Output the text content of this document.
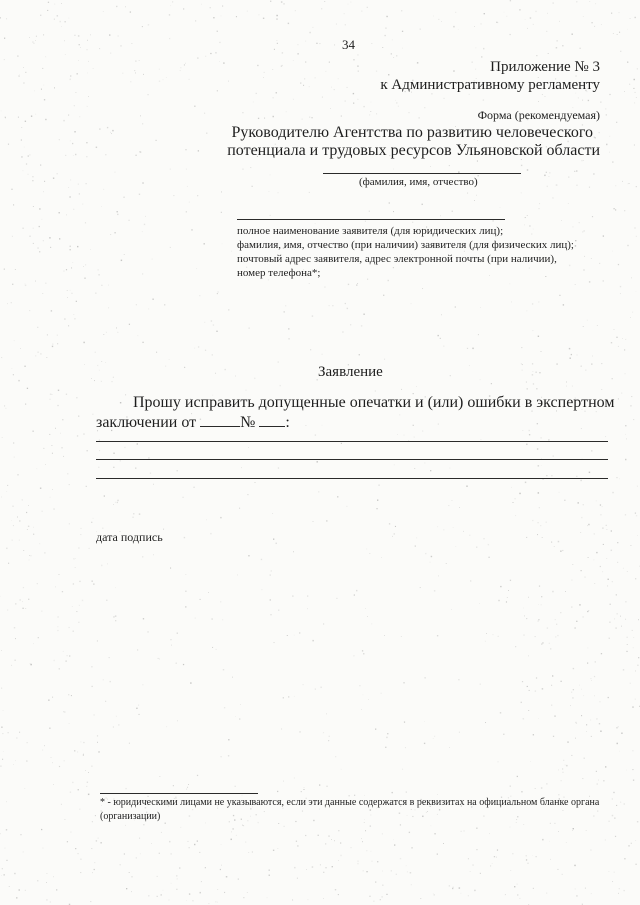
34
Приложение № 3
к Административному регламенту
Форма (рекомендуемая)
Руководителю Агентства по развитию человеческого
потенциала и трудовых ресурсов Ульяновской области
(фамилия, имя, отчество)
полное наименование заявителя (для юридических лиц);
фамилия, имя, отчество (при наличии) заявителя (для физических лиц);
почтовый адрес заявителя, адрес электронной почты (при наличии),
номер телефона*;
Заявление
Прошу исправить допущенные опечатки и (или) ошибки в экспертном
заключении от	№ :
дата подпись
* - юридическими лицами не указываются, если эти данные содержатся в реквизитах на официальном бланке органа (организации)
